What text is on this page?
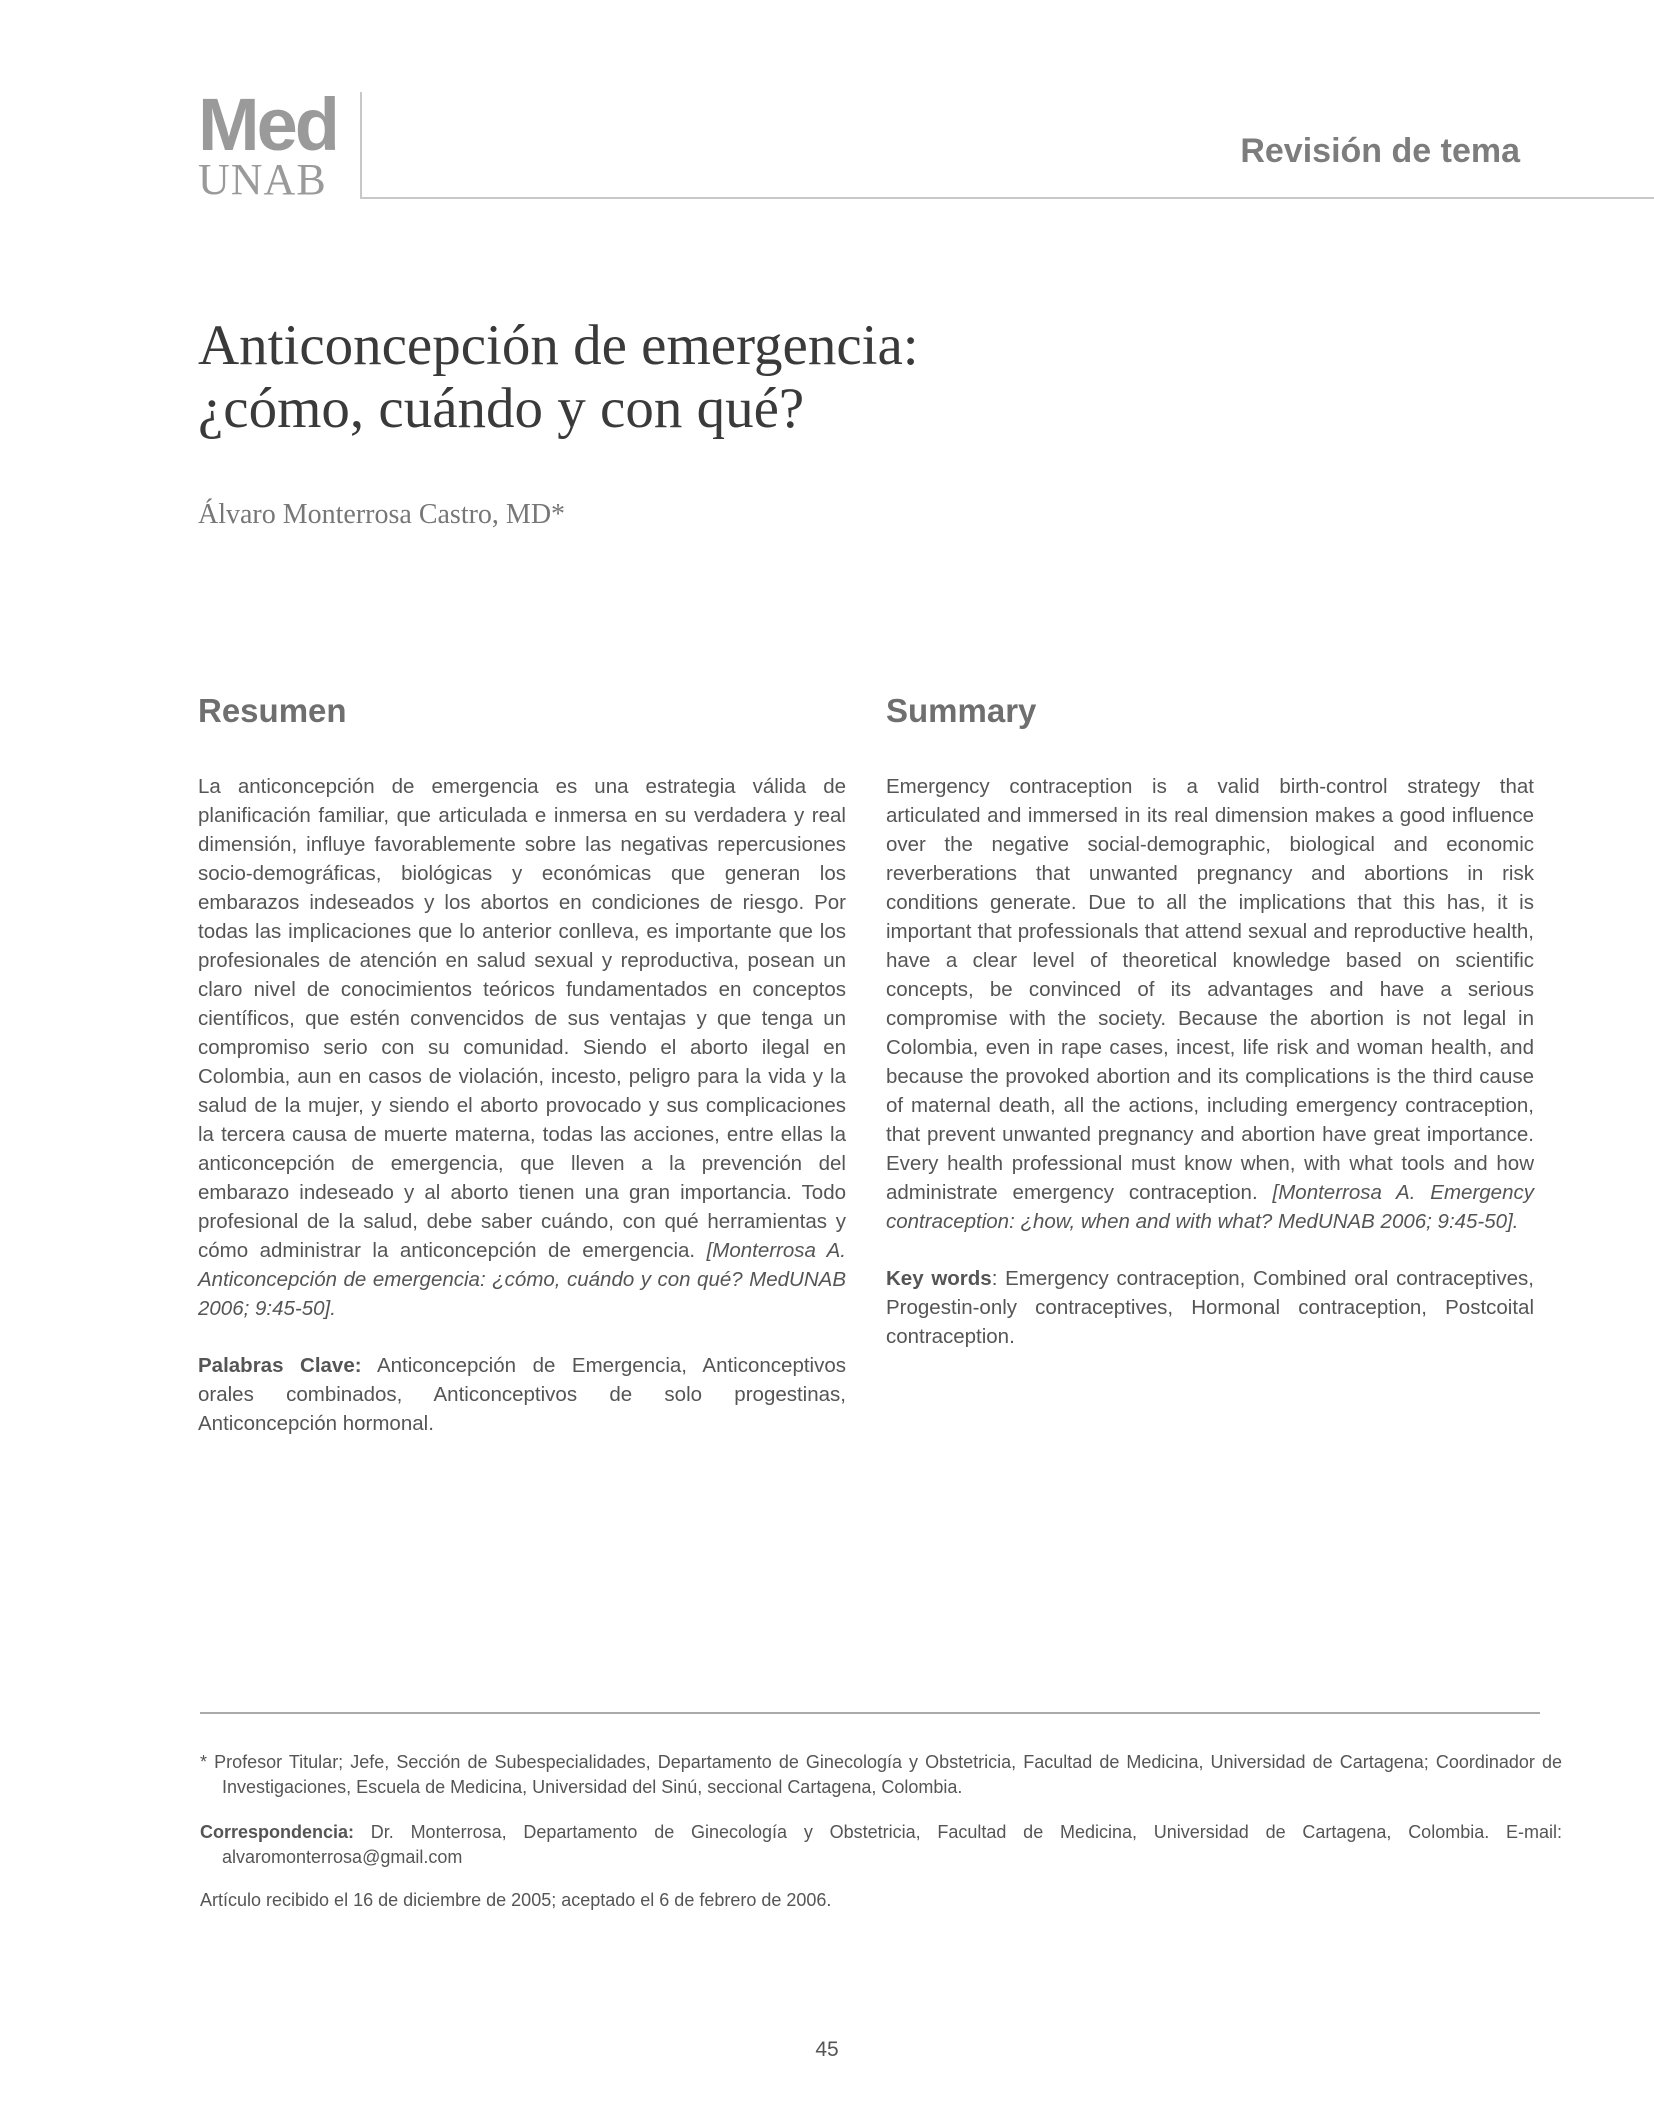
Med
UNAB
Revisión de tema
Anticoncepción de emergencia:
¿cómo, cuándo y con qué?
Álvaro Monterrosa Castro, MD*
Resumen

La anticoncepción de emergencia es una estrategia válida de planificación familiar, que articulada e inmersa en su verdadera y real dimensión, influye favorablemente sobre las negativas repercusiones socio-demográficas, biológicas y económicas que generan los embarazos indeseados y los abortos en condiciones de riesgo. Por todas las implicaciones que lo anterior conlleva, es importante que los profesionales de atención en salud sexual y reproductiva, posean un claro nivel de conocimientos teóricos fundamentados en conceptos científicos, que estén convencidos de sus ventajas y que tenga un compromiso serio con su comunidad. Siendo el aborto ilegal en Colombia, aun en casos de violación, incesto, peligro para la vida y la salud de la mujer, y siendo el aborto provocado y sus complicaciones la tercera causa de muerte materna, todas las acciones, entre ellas la anticoncepción de emergencia, que lleven a la prevención del embarazo indeseado y al aborto tienen una gran importancia. Todo profesional de la salud, debe saber cuándo, con qué herramientas y cómo administrar la anticoncepción de emergencia. [Monterrosa A. Anticoncepción de emergencia: ¿cómo, cuándo y con qué? MedUNAB 2006; 9:45-50].

Palabras Clave: Anticoncepción de Emergencia, Anticonceptivos orales combinados, Anticonceptivos de solo progestinas, Anticoncepción hormonal.

Summary

Emergency contraception is a valid birth-control strategy that articulated and immersed in its real dimension makes a good influence over the negative social-demographic, biological and economic reverberations that unwanted pregnancy and abortions in risk conditions generate. Due to all the implications that this has, it is important that professionals that attend sexual and reproductive health, have a clear level of theoretical knowledge based on scientific concepts, be convinced of its advantages and have a serious compromise with the society. Because the abortion is not legal in Colombia, even in rape cases, incest, life risk and woman health, and because the provoked abortion and its complications is the third cause of maternal death, all the actions, including emergency contraception, that prevent unwanted pregnancy and abortion have great importance. Every health professional must know when, with what tools and how administrate emergency contraception. [Monterrosa A. Emergency contraception: ¿how, when and with what? MedUNAB 2006; 9:45-50].

Key words: Emergency contraception, Combined oral contraceptives, Progestin-only contraceptives, Hormonal contraception, Postcoital contraception.

* Profesor Titular; Jefe, Sección de Subespecialidades, Departamento de Ginecología y Obstetricia, Facultad de Medicina, Universidad de Cartagena; Coordinador de Investigaciones, Escuela de Medicina, Universidad del Sinú, seccional Cartagena, Colombia.
Correspondencia: Dr. Monterrosa, Departamento de Ginecología y Obstetricia, Facultad de Medicina, Universidad de Cartagena, Colombia. E-mail: alvaromonterrosa@gmail.com
Artículo recibido el 16 de diciembre de 2005; aceptado el 6 de febrero de 2006.
45
